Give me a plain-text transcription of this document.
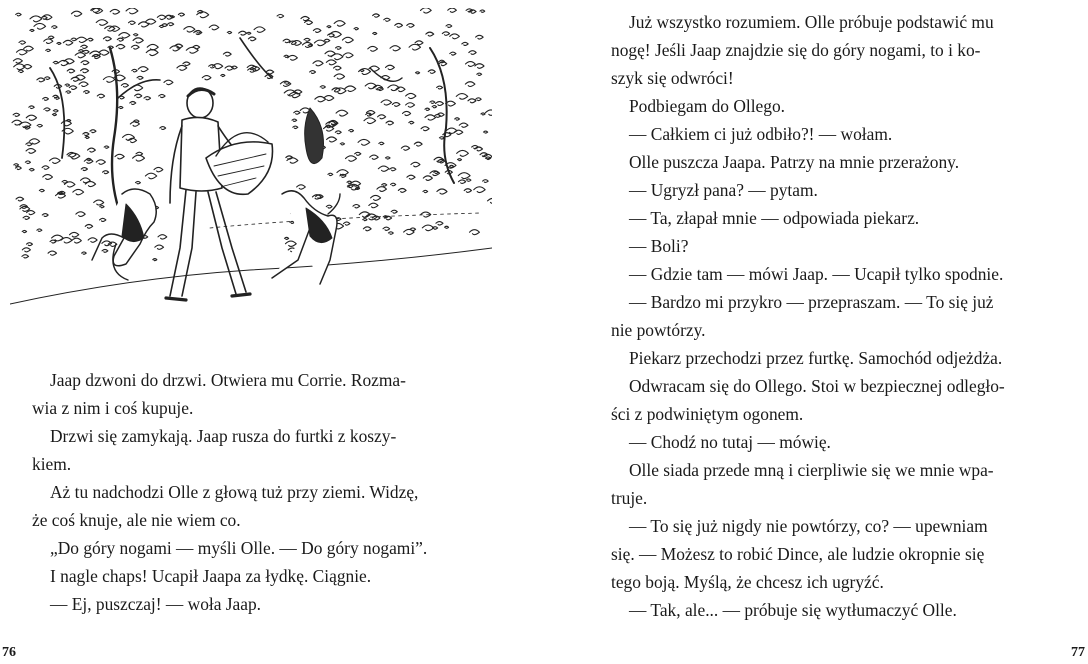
Jaap dzwoni do drzwi. Otwiera mu Corrie. Rozma-

wia z nim i coś kupuje.

Drzwi się zamykają. Jaap rusza do furtki z koszy-

kiem.

Aż tu nadchodzi Olle z głową tuż przy ziemi. Widzę,

że coś knuje, ale nie wiem co.

„Do góry nogami — myśli Olle. — Do góry nogami”.

I nagle chaps! Ucapił Jaapa za łydkę. Ciągnie.

— Ej, puszczaj! — woła Jaap.

Już wszystko rozumiem. Olle próbuje podstawić mu

nogę! Jeśli Jaap znajdzie się do góry nogami, to i ko-

szyk się odwróci!

Podbiegam do Ollego.

— Całkiem ci już odbiło?! — wołam.

Olle puszcza Jaapa. Patrzy na mnie przerażony.

— Ugryzł pana? — pytam.

— Ta, złapał mnie — odpowiada piekarz.

— Boli?

— Gdzie tam — mówi Jaap. — Ucapił tylko spodnie.

— Bardzo mi przykro — przepraszam. — To się już

nie powtórzy.

Piekarz przechodzi przez furtkę. Samochód odjeżdża.

Odwracam się do Ollego. Stoi w bezpiecznej odległo-

ści z podwiniętym ogonem.

— Chodź no tutaj — mówię.

Olle siada przede mną i cierpliwie się we mnie wpa-

truje.

— To się już nigdy nie powtórzy, co? — upewniam

się. — Możesz to robić Dince, ale ludzie okropnie się

tego boją. Myślą, że chcesz ich ugryźć.

— Tak, ale... — próbuje się wytłumaczyć Olle.

76	77
